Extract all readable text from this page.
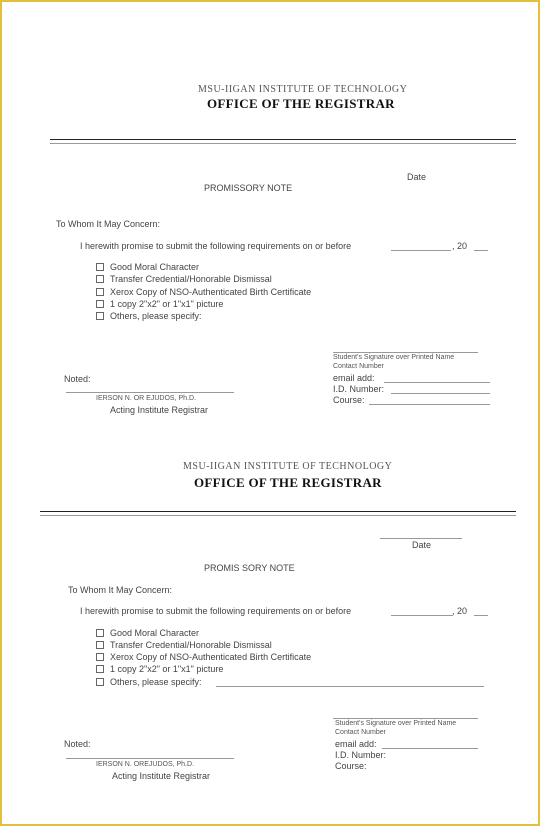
MSU-IIGAN INSTITUTE OF TECHNOLOGY
OFFICE OF THE REGISTRAR
Date
PROMISSORY NOTE
To Whom It May Concern:
I herewith promise to submit the following requirements on or before	, 20
Good Moral Character
Transfer Credential/Honorable Dismissal
Xerox Copy of NSO-Authenticated Birth Certificate
1 copy 2"x2" or 1"x1" picture
Others, please specify:
Student's Signature over Printed Name
Contact Number
email add:
I.D. Number:
Course:
Noted:
IERSON N. OR EJUDOS, Ph.D.
Acting Institute Registrar
MSU-IIGAN INSTITUTE OF TECHNOLOGY
OFFICE OF THE REGISTRAR
Date
PROMIS SORY NOTE
To Whom It May Concern:
I herewith promise to submit the following requirements on or before	, 20
Good Moral Character
Transfer Credential/Honorable Dismissal
Xerox Copy of NSO-Authenticated Birth Certificate
1 copy 2"x2" or 1"x1" picture
Others, please specify:
Student's Signature over Printed Name
Contact Number
email add:
I.D. Number:
Course:
Noted:
IERSON N. OREJUDOS, Ph.D.
Acting Institute Registrar
